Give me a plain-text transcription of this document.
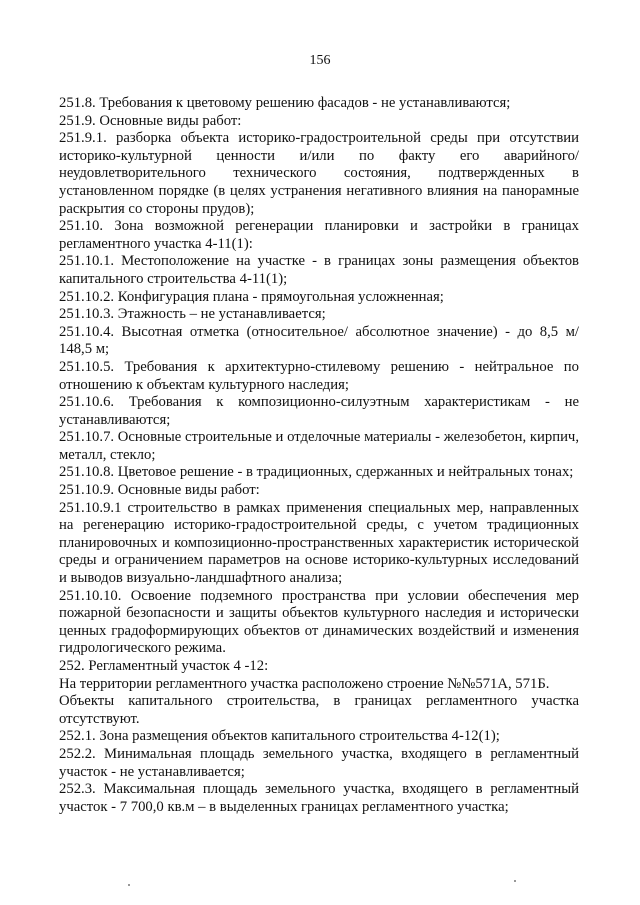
156

251.8. Требования к цветовому решению фасадов - не устанавливаются;

251.9. Основные виды работ:

251.9.1. разборка объекта историко-градостроительной среды при отсутствии историко-культурной ценности и/или по факту его аварийного/неудовлетворительного технического состояния, подтвержденных в установленном порядке (в целях устранения негативного влияния на панорамные раскрытия со стороны прудов);

251.10. Зона возможной регенерации планировки и застройки в границах регламентного участка 4-11(1):

251.10.1. Местоположение на участке - в границах зоны размещения объектов капитального строительства 4-11(1);

251.10.2. Конфигурация плана - прямоугольная усложненная;

251.10.3. Этажность – не устанавливается;

251.10.4. Высотная отметка (относительное/ абсолютное значение) - до 8,5 м/ 148,5 м;

251.10.5. Требования к архитектурно-стилевому решению - нейтральное по отношению к объектам культурного наследия;

251.10.6. Требования к композиционно-силуэтным характеристикам - не устанавливаются;

251.10.7. Основные строительные и отделочные материалы - железобетон, кирпич, металл, стекло;

251.10.8. Цветовое решение - в традиционных, сдержанных и нейтральных тонах;

251.10.9. Основные виды работ:

251.10.9.1 строительство в рамках применения специальных мер, направленных на регенерацию историко-градостроительной среды, с учетом традиционных планировочных и композиционно-пространственных характеристик исторической среды и ограничением параметров на основе историко-культурных исследований и выводов визуально-ландшафтного анализа;

251.10.10. Освоение подземного пространства при условии обеспечения мер пожарной безопасности и защиты объектов культурного наследия и исторически ценных градоформирующих объектов от динамических воздействий и изменения гидрологического режима.

252. Регламентный участок 4 -12:

На территории регламентного участка расположено строение №№571А, 571Б.

Объекты капитального строительства, в границах регламентного участка отсутствуют.

252.1. Зона размещения объектов капитального строительства 4-12(1);

252.2. Минимальная площадь земельного участка, входящего в регламентный участок - не устанавливается;

252.3. Максимальная площадь земельного участка, входящего в регламентный участок - 7 700,0 кв.м – в выделенных границах регламентного участка;
